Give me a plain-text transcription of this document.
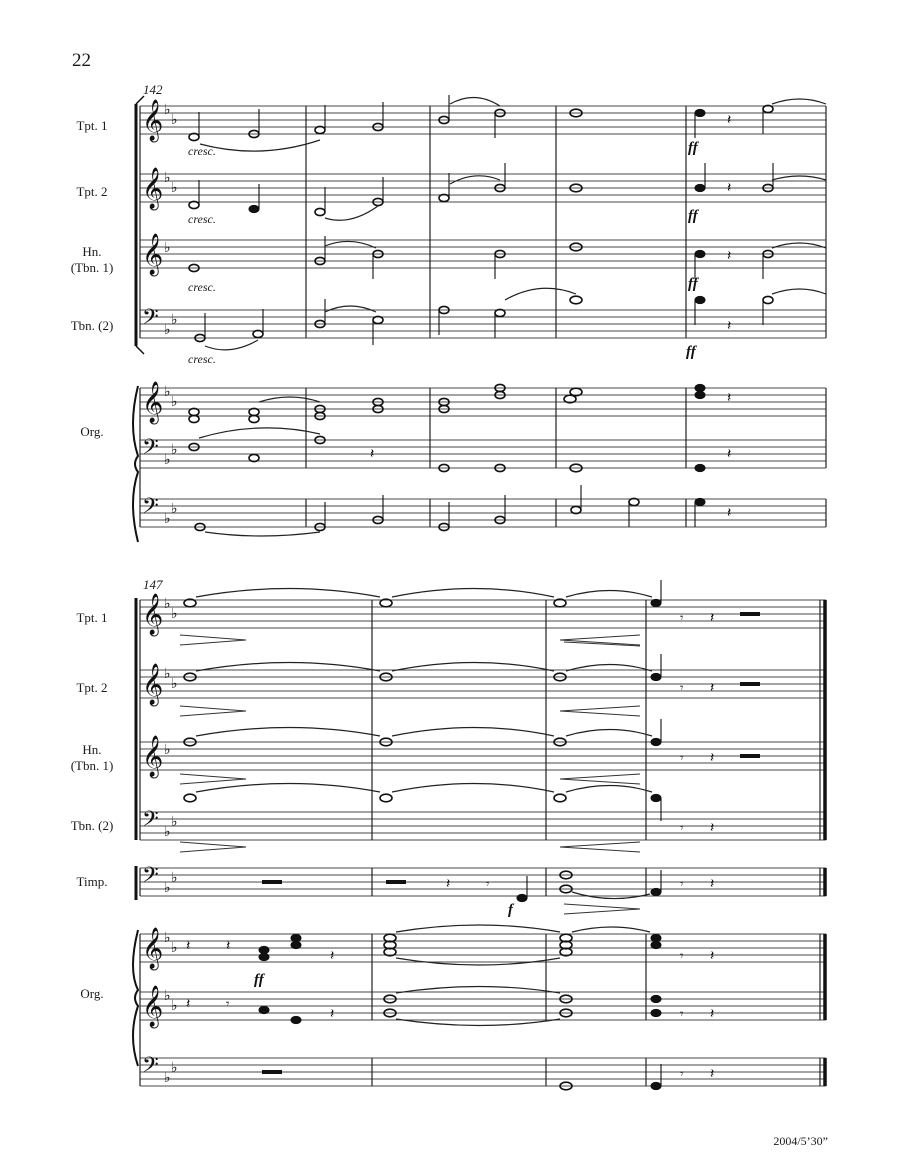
22
142
Tpt. 1
Tpt. 2
Hn.
(Tbn. 1)
Tbn. (2)
Org.
cresc.
cresc.
cresc.
cresc.
147
Tpt. 1
Tpt. 2
Hn.
(Tbn. 1)
Tbn. (2)
Timp.
Org.
2004/5’30”
𝄞
𝄞
𝄞
𝄢
𝄞
𝄢
𝄢
♭
♭
♭
♭
♭
♭
♭
♭
♭
♭
♭
♭
♭
𝄽
𝄽
𝄽
𝄽
𝄽
𝄽	𝄽
𝄽
ff
ff
ff
ff
𝄞
𝄞
𝄞
𝄢
𝄢
𝄞
𝄞
𝄢
♭
♭
♭
♭
♭
♭
♭
♭
♭
♭
♭
♭
♭
♭
♭
𝄾 𝄽
𝄾 𝄽
𝄾 𝄽
𝄾 𝄽
𝄽	𝄾
f
𝄾 𝄽
𝄽	𝄽
𝄽	𝄾 𝄽
ff
𝄽	𝄾
𝄽	𝄾 𝄽
𝄾 𝄽
